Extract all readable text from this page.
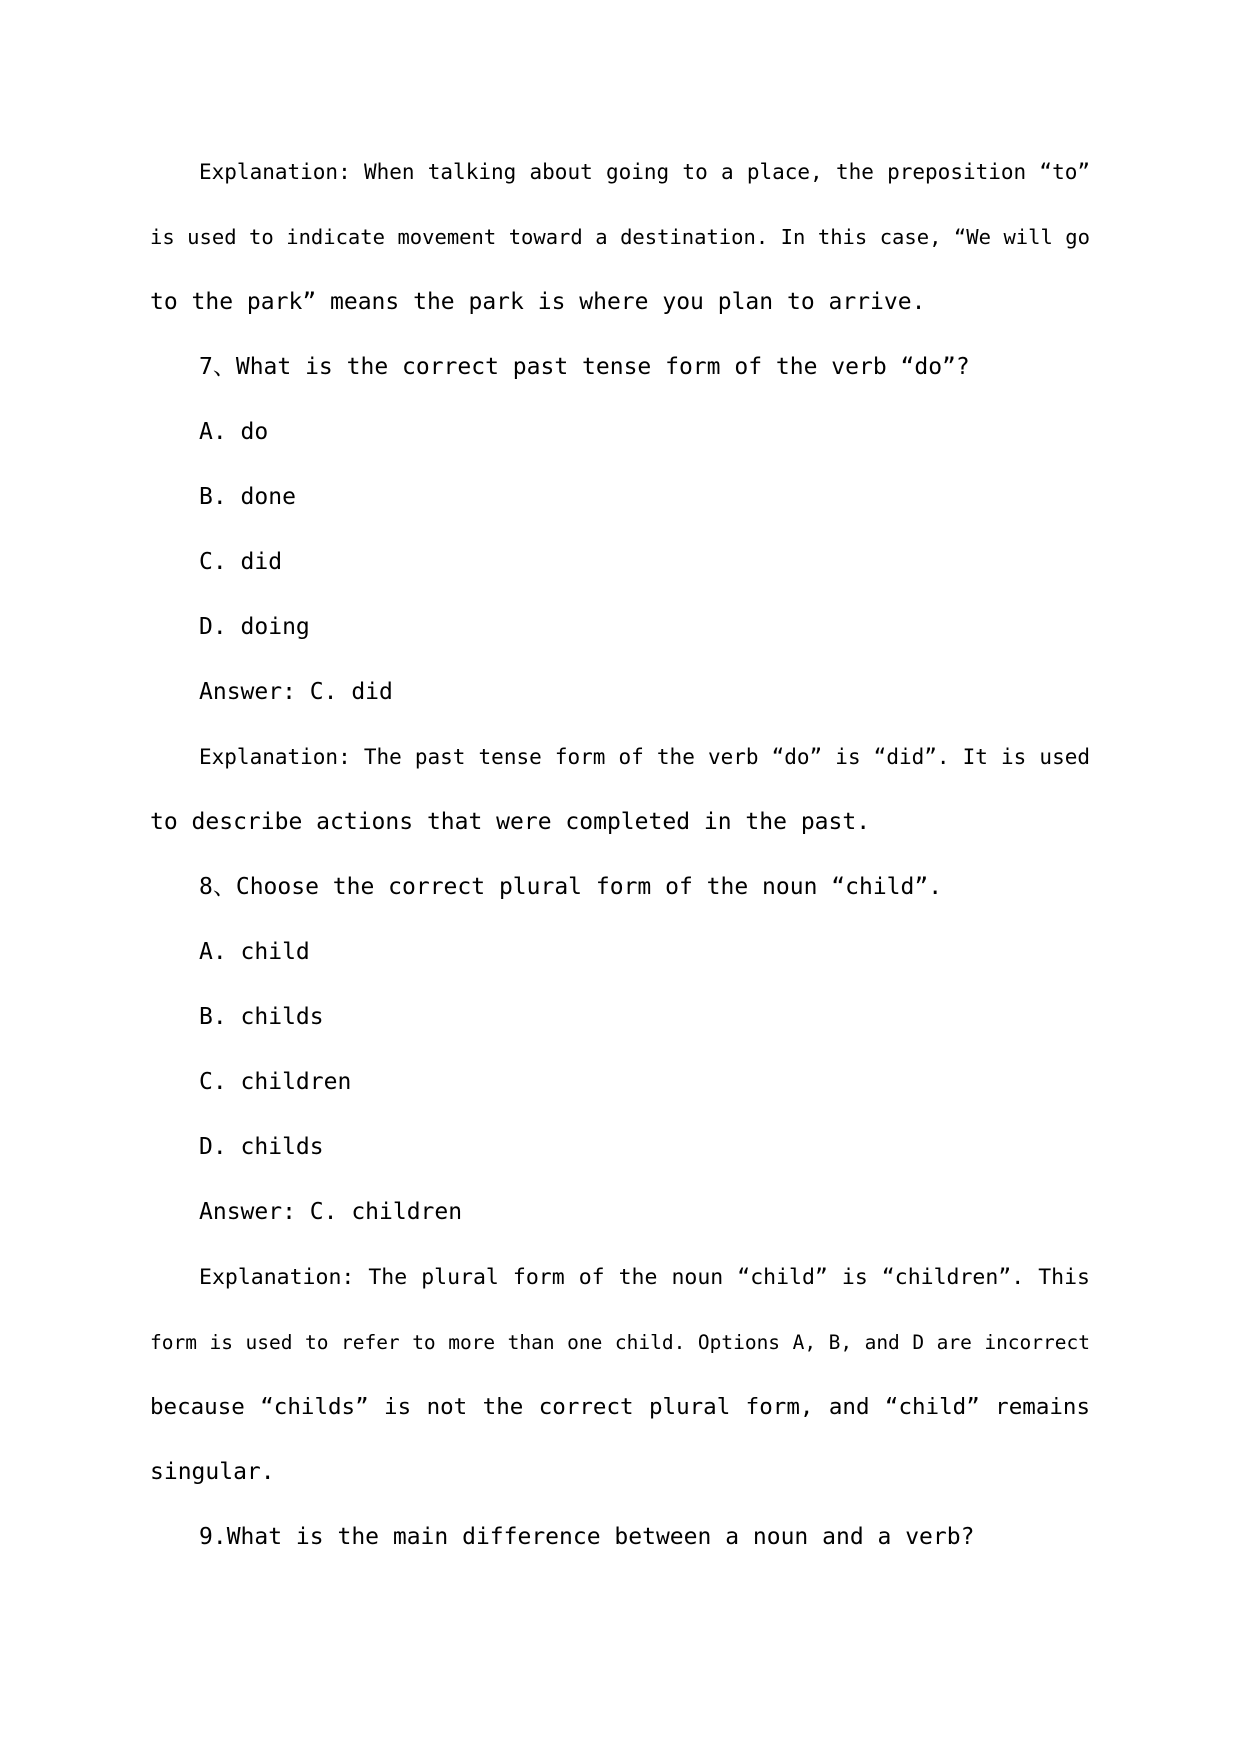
Explanation: When talking about going to a place, the preposition “to”
is used to indicate movement toward a destination. In this case, “We will go
to the park” means the park is where you plan to arrive.
7、What is the correct past tense form of the verb “do”?
A. do
B. done
C. did
D. doing
Answer: C. did
Explanation: The past tense form of the verb “do” is “did”. It is used
to describe actions that were completed in the past.
8、Choose the correct plural form of the noun “child”.
A. child
B. childs
C. children
D. childs
Answer: C. children
Explanation: The plural form of the noun “child” is “children”. This
form is used to refer to more than one child. Options A, B, and D are incorrect
because “childs” is not the correct plural form, and “child” remains
singular.
9.What is the main difference between a noun and a verb?
